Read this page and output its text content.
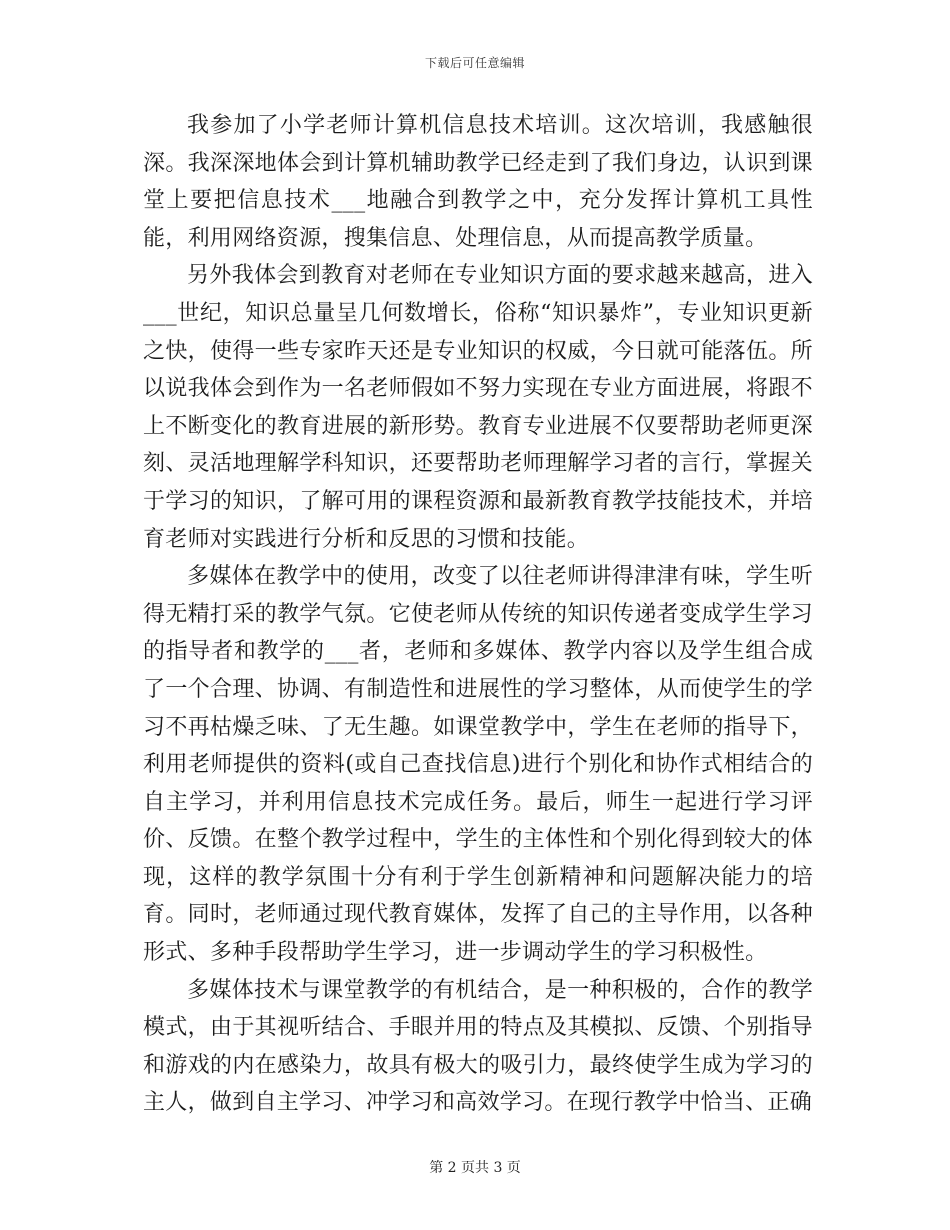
下载后可任意编辑

我参加了小学老师计算机信息技术培训。这次培训，我感触很深。我深深地体会到计算机辅助教学已经走到了我们身边，认识到课堂上要把信息技术___地融合到教学之中，充分发挥计算机工具性能，利用网络资源，搜集信息、处理信息，从而提高教学质量。

另外我体会到教育对老师在专业知识方面的要求越来越高，进入___世纪，知识总量呈几何数增长，俗称“知识暴炸”，专业知识更新之快，使得一些专家昨天还是专业知识的权威，今日就可能落伍。所以说我体会到作为一名老师假如不努力实现在专业方面进展，将跟不上不断变化的教育进展的新形势。教育专业进展不仅要帮助老师更深刻、灵活地理解学科知识，还要帮助老师理解学习者的言行，掌握关于学习的知识，了解可用的课程资源和最新教育教学技能技术，并培育老师对实践进行分析和反思的习惯和技能。

多媒体在教学中的使用，改变了以往老师讲得津津有味，学生听得无精打采的教学气氛。它使老师从传统的知识传递者变成学生学习的指导者和教学的___者，老师和多媒体、教学内容以及学生组合成了一个合理、协调、有制造性和进展性的学习整体，从而使学生的学习不再枯燥乏味、了无生趣。如课堂教学中，学生在老师的指导下，利用老师提供的资料(或自己查找信息)进行个别化和协作式相结合的自主学习，并利用信息技术完成任务。最后，师生一起进行学习评价、反馈。在整个教学过程中，学生的主体性和个别化得到较大的体现，这样的教学氛围十分有利于学生创新精神和问题解决能力的培育。同时，老师通过现代教育媒体，发挥了自己的主导作用，以各种形式、多种手段帮助学生学习，进一步调动学生的学习积极性。

多媒体技术与课堂教学的有机结合，是一种积极的，合作的教学模式，由于其视听结合、手眼并用的特点及其模拟、反馈、个别指导和游戏的内在感染力，故具有极大的吸引力，最终使学生成为学习的主人，做到自主学习、冲学习和高效学习。在现行教学中恰当、正确

第 2 页共 3 页
